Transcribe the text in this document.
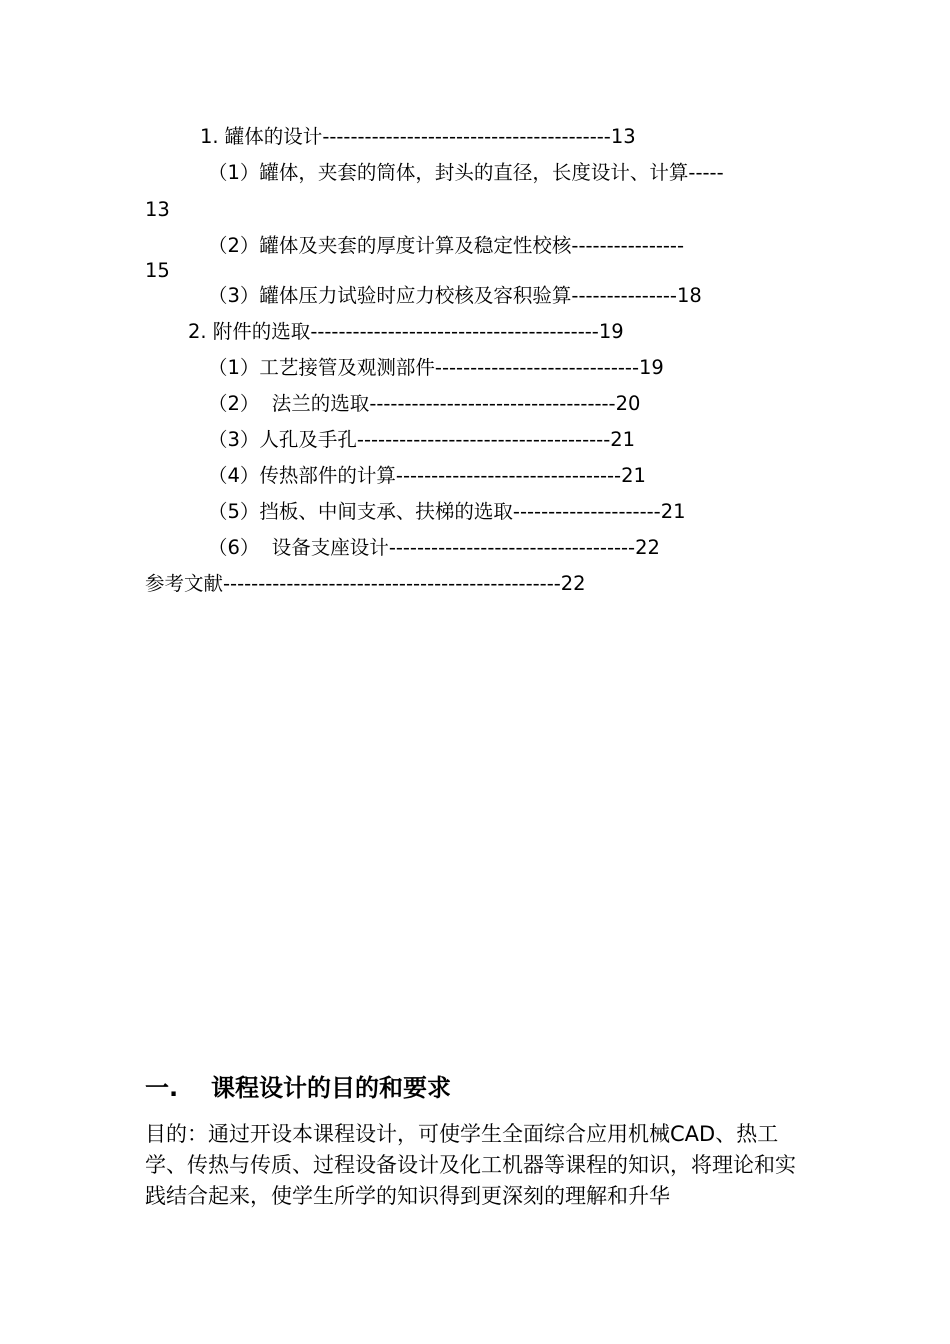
1. 罐体的设计-----------------------------------------13
（1）罐体，夹套的筒体，封头的直径，长度设计、计算-----
13
（2）罐体及夹套的厚度计算及稳定性校核----------------
15
（3）罐体压力试验时应力校核及容积验算---------------18
2. 附件的选取-----------------------------------------19
（1）工艺接管及观测部件-----------------------------19
（2）  法兰的选取-----------------------------------20
（3）人孔及手孔------------------------------------21
（4）传热部件的计算--------------------------------21
（5）挡板、中间支承、扶梯的选取---------------------21
（6）  设备支座设计-----------------------------------22
参考文献------------------------------------------------22
一. 课程设计的目的和要求
目的：通过开设本课程设计，可使学生全面综合应用机械CAD、热工学、传热与传质、过程设备设计及化工机器等课程的知识，将理论和实践结合起来，使学生所学的知识得到更深刻的理解和升华
